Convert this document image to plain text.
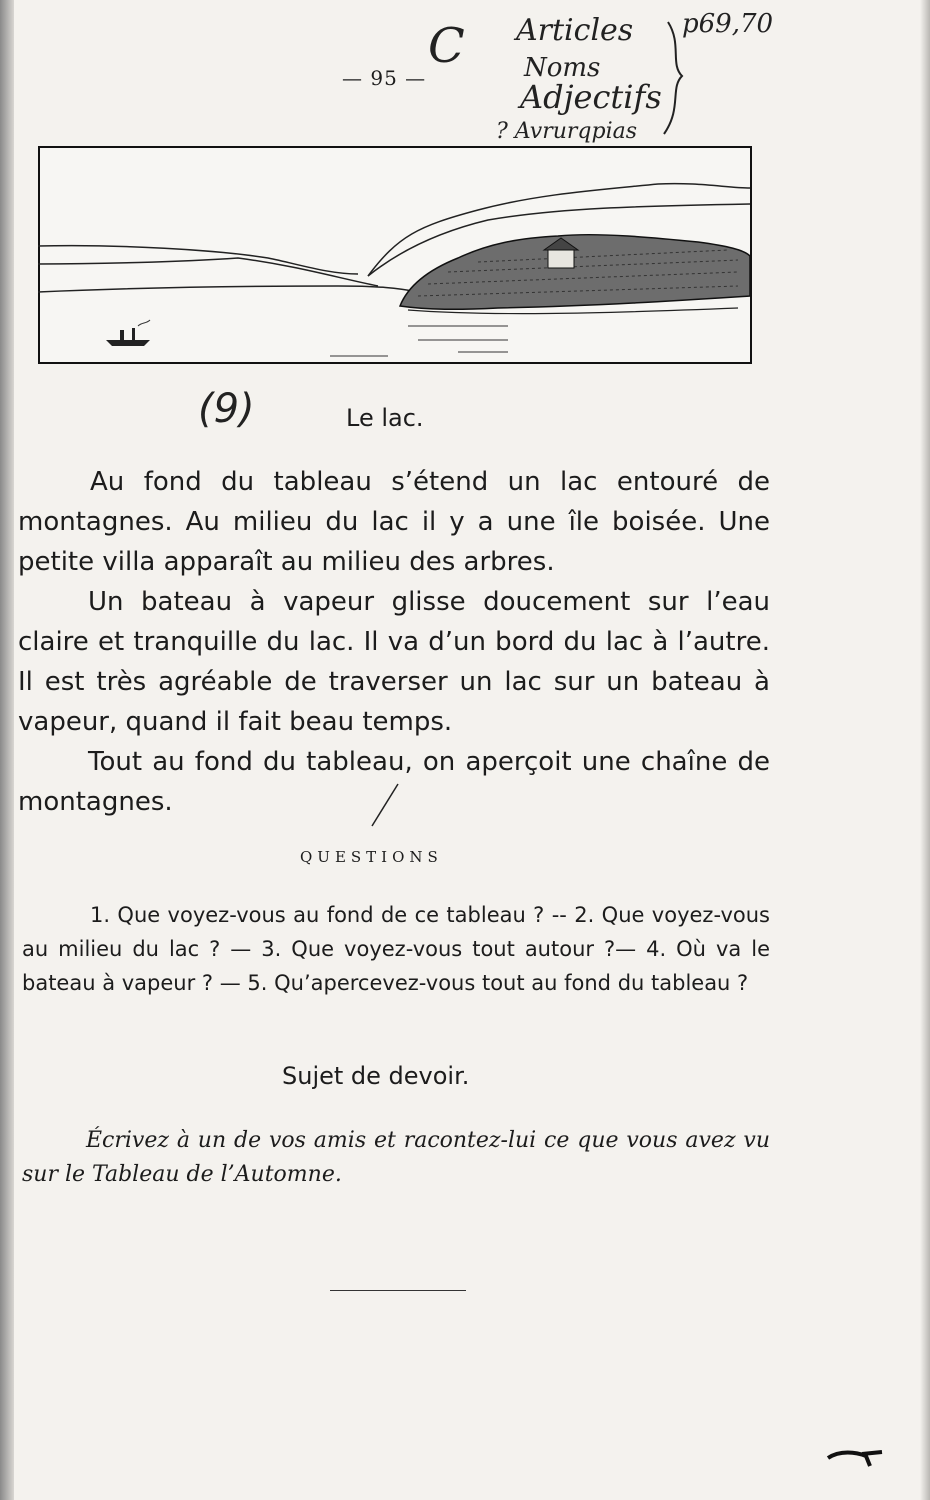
— 95 —
C Articles
Noms
Adjectifs
? Avrurqpias
p69,70
(9)	Le lac.

Au fond du tableau s’étend un lac entouré de montagnes. Au milieu du lac il y a une île boisée. Une petite villa apparaît au milieu des arbres.

Un bateau à vapeur glisse doucement sur l’eau claire et tranquille du lac. Il va d’un bord du lac à l’autre. Il est très agréable de traverser un lac sur un bateau à vapeur, quand il fait beau temps.

Tout au fond du tableau, on aperçoit une chaîne de montagnes.

QUESTIONS

1. Que voyez-vous au fond de ce tableau ? -- 2. Que voyez-vous au milieu du lac ? — 3. Que voyez-vous tout autour ?— 4. Où va le bateau à vapeur ? — 5. Qu’apercevez-vous tout au fond du tableau ?

Sujet de devoir.

Écrivez à un de vos amis et racontez-lui ce que vous avez vu sur le Tableau de l’Automne.
